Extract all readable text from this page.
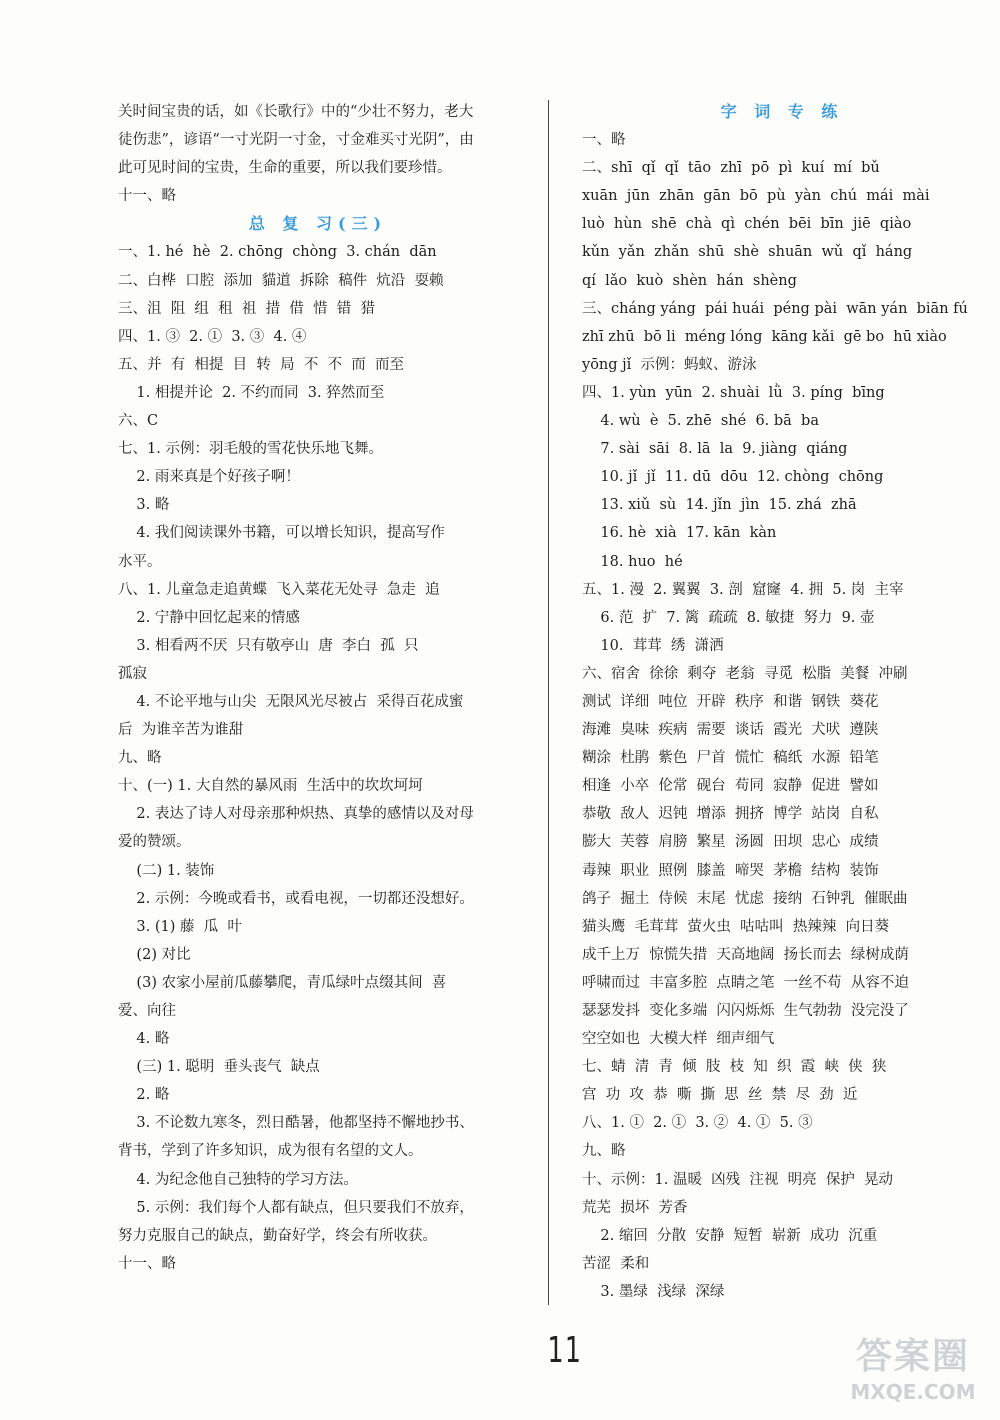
关时间宝贵的话，如《长歌行》中的“少壮不努力，老大
徒伤悲”，谚语“一寸光阴一寸金，寸金难买寸光阴”，由
此可见时间的宝贵，生命的重要，所以我们要珍惜。
十一、略
总 复 习(三)
一、1. hé  hè  2. chōng  chòng  3. chán  dān
二、白桦  口腔  添加  貓道  拆除  稿件  炕沿  耍赖
三、沮  阻  组  租  祖  措  借  惜  错  猎
四、1. ③  2. ①  3. ③  4. ④
五、并  有  相提  目  转  局  不  不  而  而至
1. 相提并论  2. 不约而同  3. 猝然而至
六、C
七、1. 示例：羽毛般的雪花快乐地飞舞。
2. 雨来真是个好孩子啊！
3. 略
4. 我们阅读课外书籍，可以增长知识，提高写作
水平。
八、1. 儿童急走追黄蝶  飞入菜花无处寻  急走  追
2. 宁静中回忆起来的情感
3. 相看两不厌  只有敬亭山  唐  李白  孤  只
孤寂
4. 不论平地与山尖  无限风光尽被占  采得百花成蜜
后  为谁辛苦为谁甜
九、略
十、(一) 1. 大自然的暴风雨  生活中的坎坎坷坷
2. 表达了诗人对母亲那种炽热、真挚的感情以及对母
爱的赞颂。
(二) 1. 装饰
2. 示例：今晚或看书，或看电视，一切都还没想好。
3. (1) 藤  瓜  叶
(2) 对比
(3) 农家小屋前瓜藤攀爬，青瓜绿叶点缀其间  喜
爱、向往
4. 略
(三) 1. 聪明  垂头丧气  缺点
2. 略
3. 不论数九寒冬，烈日酷暑，他都坚持不懈地抄书、
背书，学到了许多知识，成为很有名望的文人。
4. 为纪念他自己独特的学习方法。
5. 示例：我们每个人都有缺点，但只要我们不放弃，
努力克服自己的缺点，勤奋好学，终会有所收获。
十一、略
字 词 专 练
一、略
二、shī  qǐ  qǐ  tāo  zhī  pō  pì  kuí  mí  bǔ
xuān  jūn  zhān  gān  bō  pù  yàn  chú  mái  mài
luò  hùn  shē  chà  qì  chén  bēi  bīn  jiē  qiào
kǔn  yǎn  zhǎn  shū  shè  shuān  wǔ  qǐ  háng
qí  lǎo  kuò  shèn  hán  shèng
三、cháng yáng  pái huái  péng pài  wān yán  biān fú
zhī zhū  bō li  méng lóng  kāng kǎi  gē bo  hū xiào
yōng jǐ  示例：蚂蚁、游泳
四、1. yùn  yūn  2. shuài  lǜ  3. píng  bīng
4. wù  è  5. zhē  shé  6. bā  ba
7. sài  sāi  8. lā  la  9. jiàng  qiáng
10. jǐ  jǐ  11. dū  dōu  12. chòng  chōng
13. xiǔ  sù  14. jǐn  jìn  15. zhá  zhā
16. hè  xià  17. kān  kàn
18. huo  hé
五、1. 漫  2. 翼翼  3. 剖  窟窿  4. 拥  5. 岗  主宰
6. 范  扩  7. 篱  疏疏  8. 敏捷  努力  9. 壶
10.  茸茸  绣  潇洒
六、宿舍  徐徐  剩夺  老翁  寻觅  松脂  美餐  冲刷
测试  详细  吨位  开辟  秩序  和谐  钢铁  葵花
海滩  臭味  疾病  需要  谈话  霞光  犬吠  遵陕
糊涂  杜鹃  紫色  尸首  慌忙  稿纸  水源  铅笔
相逢  小卒  伦常  砚台  苟同  寂静  促进  譬如
恭敬  敌人  迟钝  增添  拥挤  博学  站岗  自私
膨大  芙蓉  肩膀  繁星  汤圆  田坝  忠心  成绩
毒辣  职业  照例  膝盖  啼哭  茅檐  结构  装饰
鸽子  掘土  侍候  末尾  忧虑  接纳  石钟乳  催眠曲
猫头鹰  毛茸茸  萤火虫  咕咕叫  热辣辣  向日葵
成千上万  惊慌失措  天高地阔  扬长而去  绿树成荫
呼啸而过  丰富多腔  点睛之笔  一丝不苟  从容不迫
瑟瑟发抖  变化多端  闪闪烁烁  生气勃勃  没完没了
空空如也  大模大样  细声细气
七、蜻  清  青  倾  肢  枝  知  织  霞  峡  侠  狭
宫  功  攻  恭  嘶  撕  思  丝  禁  尽  劲  近
八、1. ①  2. ①  3. ②  4. ①  5. ③
九、略
十、示例：1. 温暖  凶残  注视  明亮  保护  晃动
荒芜  损坏  芳香
2. 缩回  分散  安静  短暂  崭新  成功  沉重
苦涩  柔和
3. 墨绿  浅绿  深绿
11	答案圈
MXQE.COM
